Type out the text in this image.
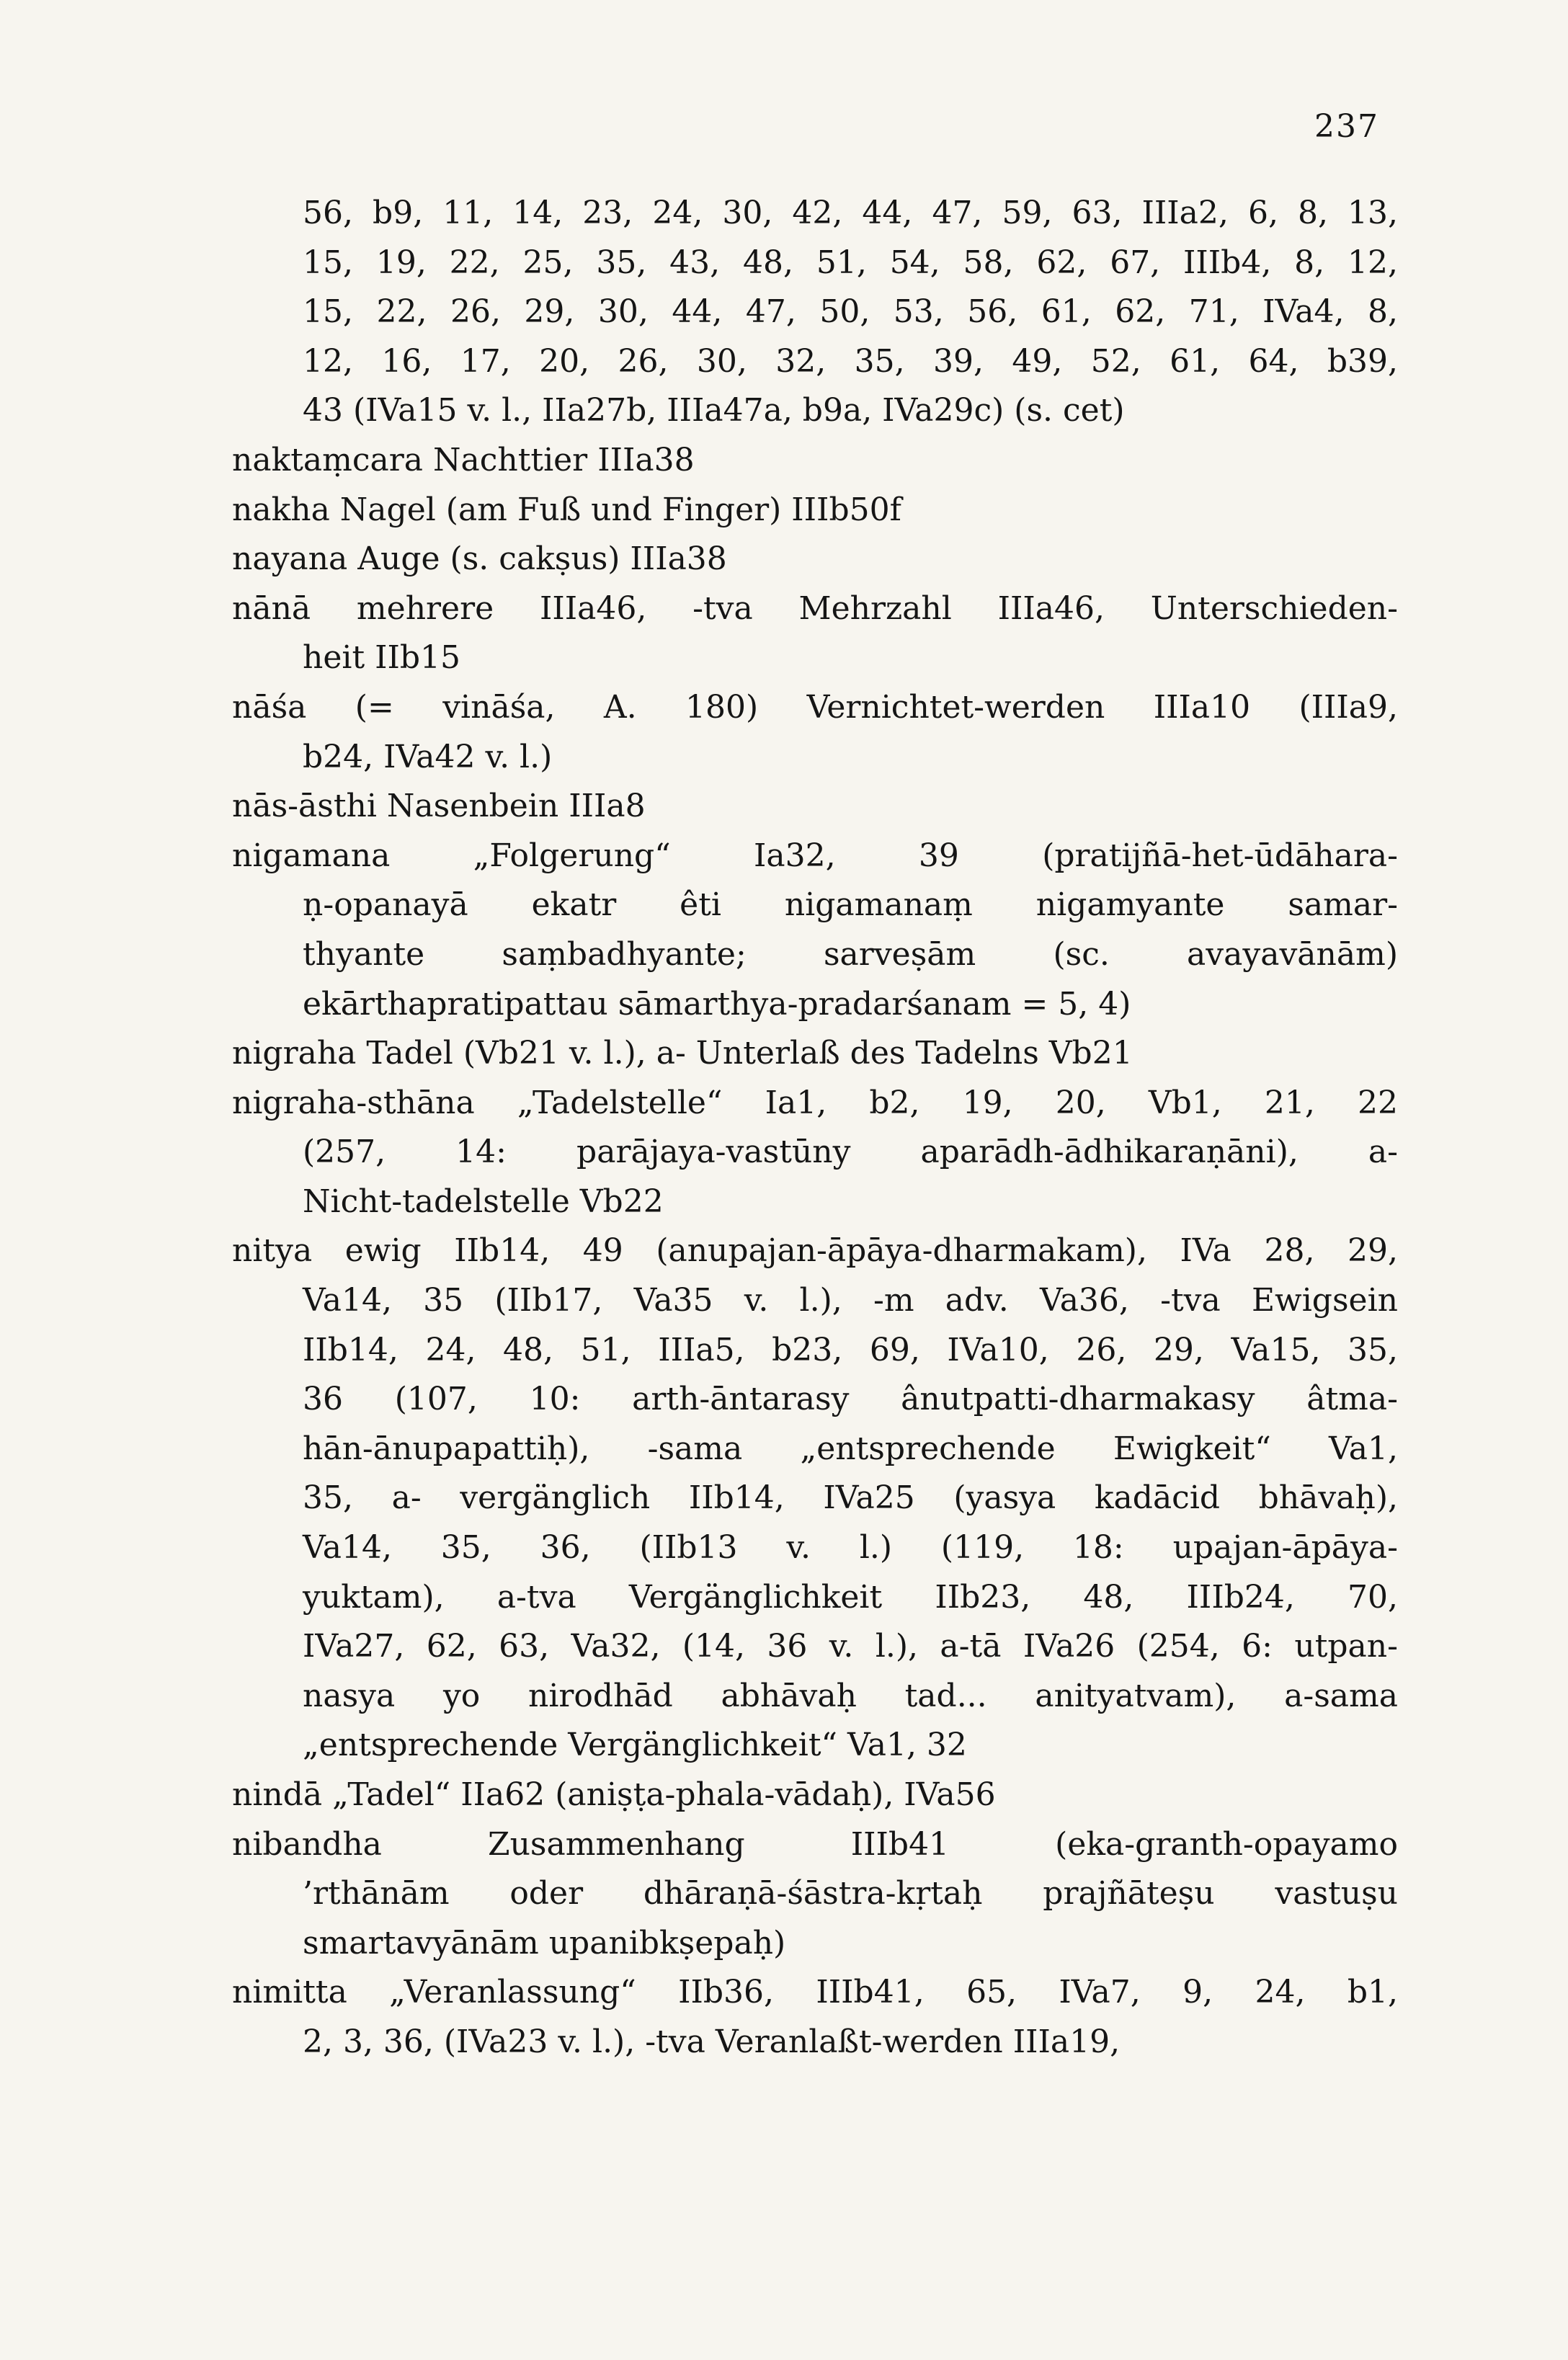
237
56, b9, 11, 14, 23, 24, 30, 42, 44, 47, 59, 63, IIIa2, 6, 8, 13,
15, 19, 22, 25, 35, 43, 48, 51, 54, 58, 62, 67, IIIb4, 8, 12,
15, 22, 26, 29, 30, 44, 47, 50, 53, 56, 61, 62, 71, IVa4, 8,
12, 16, 17, 20, 26, 30, 32, 35, 39, 49, 52, 61, 64, b39,
43 (IVa15 v. l., IIa27b, IIIa47a, b9a, IVa29c) (s. cet)
naktaṃcara Nachttier IIIa38
nakha Nagel (am Fuß und Finger) IIIb50f
nayana Auge (s. cakṣus) IIIa38
nānā mehrere IIIa46, -tva Mehrzahl IIIa46, Unterschieden-
heit IIb15
nāśa (= vināśa, A. 180) Vernichtet-werden IIIa10 (IIIa9,
b24, IVa42 v. l.)
nās-āsthi Nasenbein IIIa8
nigamana „Folgerung“ Ia32, 39 (pratijñā-het-ūdāhara-
ṇ-opanayā ekatr êti nigamanaṃ nigamyante samar-
thyante saṃbadhyante; sarveṣām (sc. avayavānām)
ekārthapratipattau sāmarthya-pradarśanam = 5, 4)
nigraha Tadel (Vb21 v. l.), a- Unterlaß des Tadelns Vb21
nigraha-sthāna „Tadelstelle“ Ia1, b2, 19, 20, Vb1, 21, 22
(257, 14: parājaya-vastūny aparādh-ādhikaraṇāni), a-
Nicht-tadelstelle Vb22
nitya ewig IIb14, 49 (anupajan-āpāya-dharmakam), IVa 28, 29,
Va14, 35 (IIb17, Va35 v. l.), -m adv. Va36, -tva Ewigsein
IIb14, 24, 48, 51, IIIa5, b23, 69, IVa10, 26, 29, Va15, 35,
36 (107, 10: arth-āntarasy ânutpatti-dharmakasy âtma-
hān-ānupapattiḥ), -sama „entsprechende Ewigkeit“ Va1,
35, a- vergänglich IIb14, IVa25 (yasya kadācid bhāvaḥ),
Va14, 35, 36, (IIb13 v. l.) (119, 18: upajan-āpāya-
yuktam), a-tva Vergänglichkeit IIb23, 48, IIIb24, 70,
IVa27, 62, 63, Va32, (14, 36 v. l.), a-tā IVa26 (254, 6: utpan-
nasya yo nirodhād abhāvaḥ tad... anityatvam), a-sama
„entsprechende Vergänglichkeit“ Va1, 32
nindā „Tadel“ IIa62 (aniṣṭa-phala-vādaḥ), IVa56
nibandha Zusammenhang IIIb41 (eka-granth-opayamo
’rthānām oder dhāraṇā-śāstra-kṛtaḥ prajñāteṣu vastuṣu
smartavyānām upanibkṣepaḥ)
nimitta „Veranlassung“ IIb36, IIIb41, 65, IVa7, 9, 24, b1,
2, 3, 36, (IVa23 v. l.), -tva Veranlaßt-werden IIIa19,
